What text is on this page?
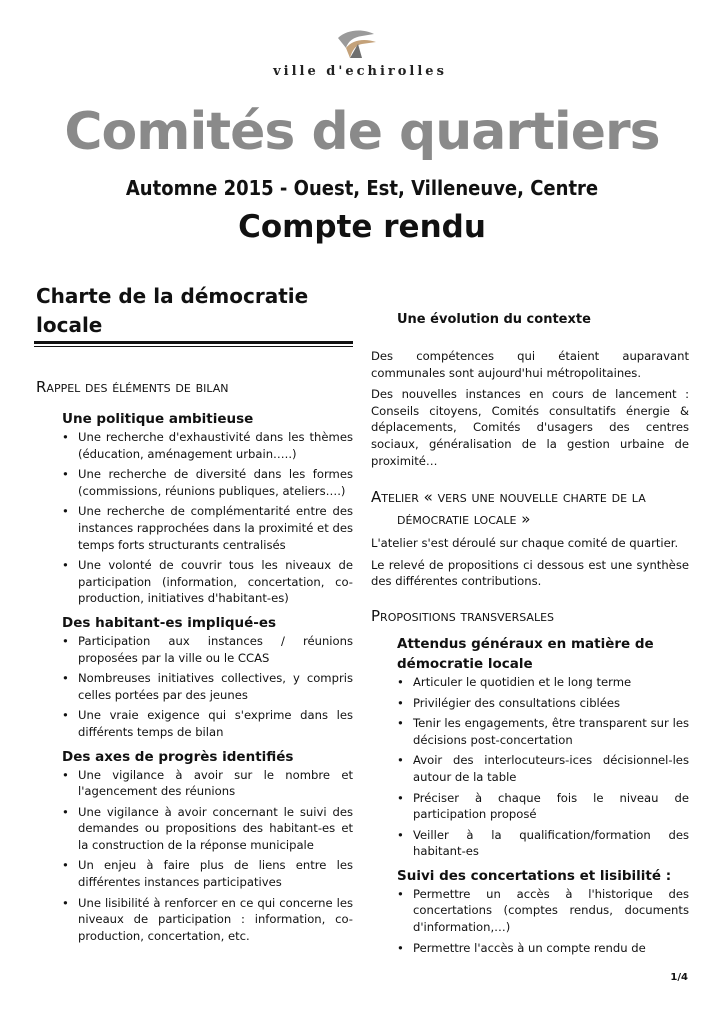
ville d'echirolles
Comités de quartiers
Automne 2015 - Ouest, Est, Villeneuve, Centre
Compte rendu
Charte de la démocratie locale
Rappel des éléments de bilan
Une politique ambitieuse
• Une recherche d'exhaustivité dans les thèmes (éducation, aménagement urbain…..)
• Une recherche de diversité dans les formes (commissions, réunions publiques, ateliers….)
• Une recherche de complémentarité entre des instances rapprochées dans la proximité et des temps forts structurants centralisés
• Une volonté de couvrir tous les niveaux de participation (information, concertation, co-production, initiatives d'habitant-es)
Des habitant-es impliqué-es
• Participation aux instances / réunions proposées par la ville ou le CCAS
• Nombreuses initiatives collectives, y compris celles portées par des jeunes
• Une vraie exigence qui s'exprime dans les différents temps de bilan
Des axes de progrès identifiés
• Une vigilance à avoir sur le nombre et l'agencement des réunions
• Une vigilance à avoir concernant le suivi des demandes ou propositions des habitant-es et la construction de la réponse municipale
• Un enjeu à faire plus de liens entre les différentes instances participatives
• Une lisibilité à renforcer en ce qui concerne les niveaux de participation : information, co-production, concertation, etc.
Une évolution du contexte

Des compétences qui étaient auparavant communales sont aujourd'hui métropolitaines.

Des nouvelles instances en cours de lancement : Conseils citoyens, Comités consultatifs énergie & déplacements, Comités d'usagers des centres sociaux, généralisation de la gestion urbaine de proximité…

Atelier « vers une nouvelle charte de la
démocratie locale »

L'atelier s'est déroulé sur chaque comité de quartier.

Le relevé de propositions ci dessous est une synthèse des différentes contributions.

Propositions transversales
Attendus généraux en matière de démocratie locale
• Articuler le quotidien et le long terme
• Privilégier des consultations ciblées
• Tenir les engagements, être transparent sur les décisions post-concertation
• Avoir des interlocuteurs-ices décisionnel-les autour de la table
• Préciser à chaque fois le niveau de participation proposé
• Veiller à la qualification/formation des habitant-es
Suivi des concertations et lisibilité :
• Permettre un accès à l'historique des concertations (comptes rendus, documents d'information,…)
• Permettre l'accès à un compte rendu de
1/4
